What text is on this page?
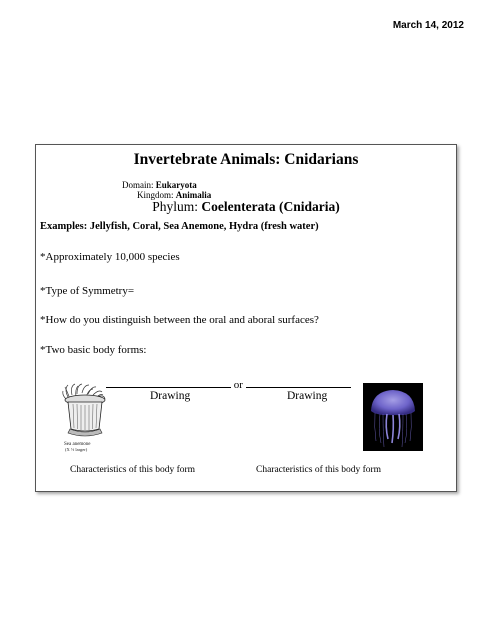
March 14, 2012
Invertebrate Animals: Cnidarians
Domain: Eukaryota
Kingdom: Animalia
Phylum: Coelenterata (Cnidaria)
Examples: Jellyfish, Coral, Sea Anemone, Hydra (fresh water)
*Approximately 10,000 species
*Type of Symmetry=
*How do you distinguish between the oral and aboral surfaces?
*Two basic body forms:
or
Drawing	Drawing
Sea anemone
(X ½ larger)
Characteristics of this body form	Characteristics of this body form
